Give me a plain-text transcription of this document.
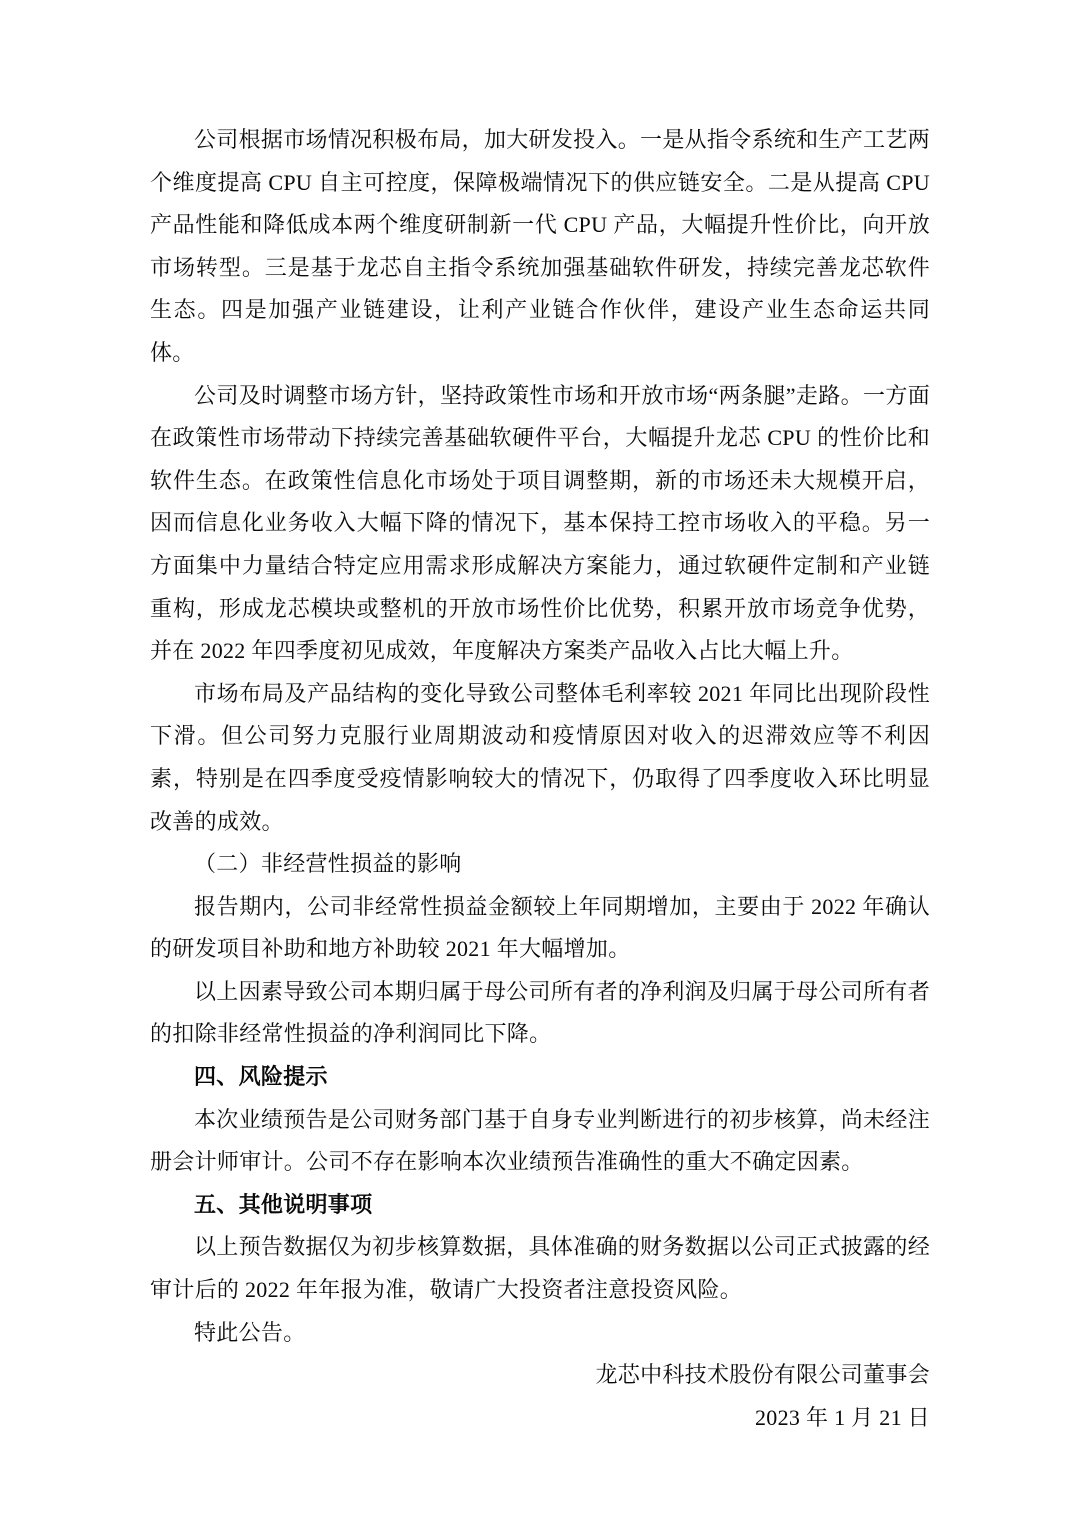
公司根据市场情况积极布局，加大研发投入。一是从指令系统和生产工艺两个维度提高 CPU 自主可控度，保障极端情况下的供应链安全。二是从提高 CPU 产品性能和降低成本两个维度研制新一代 CPU 产品，大幅提升性价比，向开放市场转型。三是基于龙芯自主指令系统加强基础软件研发，持续完善龙芯软件生态。四是加强产业链建设，让利产业链合作伙伴，建设产业生态命运共同体。

公司及时调整市场方针，坚持政策性市场和开放市场“两条腿”走路。一方面在政策性市场带动下持续完善基础软硬件平台，大幅提升龙芯 CPU 的性价比和软件生态。在政策性信息化市场处于项目调整期，新的市场还未大规模开启，因而信息化业务收入大幅下降的情况下，基本保持工控市场收入的平稳。另一方面集中力量结合特定应用需求形成解决方案能力，通过软硬件定制和产业链重构，形成龙芯模块或整机的开放市场性价比优势，积累开放市场竞争优势，并在 2022 年四季度初见成效，年度解决方案类产品收入占比大幅上升。

市场布局及产品结构的变化导致公司整体毛利率较 2021 年同比出现阶段性下滑。但公司努力克服行业周期波动和疫情原因对收入的迟滞效应等不利因素，特别是在四季度受疫情影响较大的情况下，仍取得了四季度收入环比明显改善的成效。

（二）非经营性损益的影响

报告期内，公司非经常性损益金额较上年同期增加，主要由于 2022 年确认的研发项目补助和地方补助较 2021 年大幅增加。

以上因素导致公司本期归属于母公司所有者的净利润及归属于母公司所有者的扣除非经常性损益的净利润同比下降。

四、风险提示

本次业绩预告是公司财务部门基于自身专业判断进行的初步核算，尚未经注册会计师审计。公司不存在影响本次业绩预告准确性的重大不确定因素。

五、其他说明事项

以上预告数据仅为初步核算数据，具体准确的财务数据以公司正式披露的经审计后的 2022 年年报为准，敬请广大投资者注意投资风险。

特此公告。

龙芯中科技术股份有限公司董事会

2023 年 1 月 21 日
